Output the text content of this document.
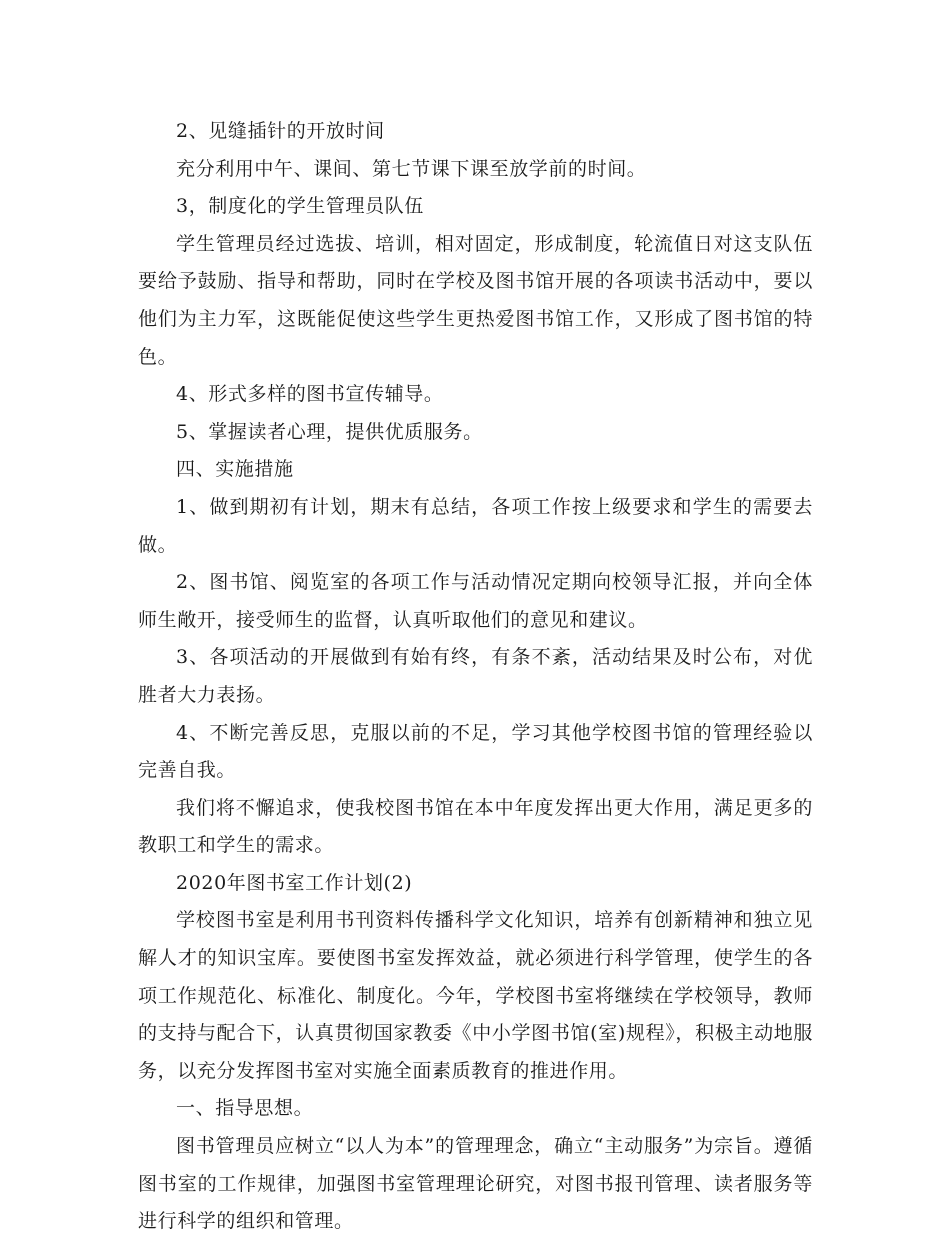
2、见缝插针的开放时间

充分利用中午、课间、第七节课下课至放学前的时间。

3，制度化的学生管理员队伍

学生管理员经过选拔、培训，相对固定，形成制度，轮流值日对这支队伍要给予鼓励、指导和帮助，同时在学校及图书馆开展的各项读书活动中，要以他们为主力军，这既能促使这些学生更热爱图书馆工作，又形成了图书馆的特色。

4、形式多样的图书宣传辅导。

5、掌握读者心理，提供优质服务。

四、实施措施

1、做到期初有计划，期末有总结，各项工作按上级要求和学生的需要去做。

2、图书馆、阅览室的各项工作与活动情况定期向校领导汇报，并向全体师生敞开，接受师生的监督，认真听取他们的意见和建议。

3、各项活动的开展做到有始有终，有条不紊，活动结果及时公布，对优胜者大力表扬。

4、不断完善反思，克服以前的不足，学习其他学校图书馆的管理经验以完善自我。

我们将不懈追求，使我校图书馆在本中年度发挥出更大作用，满足更多的教职工和学生的需求。

2020年图书室工作计划(2)

学校图书室是利用书刊资料传播科学文化知识，培养有创新精神和独立见解人才的知识宝库。要使图书室发挥效益，就必须进行科学管理，使学生的各项工作规范化、标准化、制度化。今年，学校图书室将继续在学校领导，教师的支持与配合下，认真贯彻国家教委《中小学图书馆(室)规程》，积极主动地服务，以充分发挥图书室对实施全面素质教育的推进作用。

一、指导思想。

图书管理员应树立“以人为本”的管理理念，确立“主动服务”为宗旨。遵循图书室的工作规律，加强图书室管理理论研究，对图书报刊管理、读者服务等进行科学的组织和管理。
